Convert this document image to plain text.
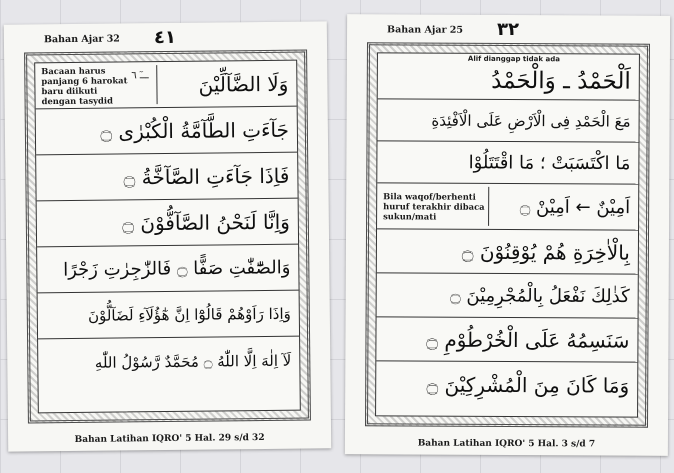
Bahan Ajar 32 ٤١
ـــٓ ٦
Bacaan harus panjang 6 harokat baru diikuti dengan tasydid
وَلَا الضَّآلِّيْنَ
جَآءَتِ الطَّآمَّةُ الْكُبْرٰى ۝
فَاِذَا جَآءَتِ الصَّآخَّةُ ۝
وَاِنَّا لَنَحْنُ الصَّآفُّوْنَ ۝
وَالصّٰٓفّٰتِ صَفًّا ۝ فَالزّٰجِرٰتِ زَجْرًا
وَاِذَا رَاَوْهُمْ قَالُوْٓا اِنَّ هٰٓؤُلَآءِ لَضَآلُّوْنَ
لَآ اِلٰهَ اِلَّا اللّٰهُ ۝ مُحَمَّدٌ رَّسُوْلُ اللّٰهِ
Bahan Latihan IQRO' 5 Hal. 29 s/d 32
Bahan Ajar 25 ٣٢
Alif dianggap tidak ada
اَلْحَمْدُ ـ وَالْحَمْدُ
مَعَ الْحَمْدِ فِى الْاَرْضِ عَلَى الْاَفْئِدَةِ
مَا اكْتَسَبَتْ ؛ مَا اقْتَتَلُوْا
Bila waqof/berhenti huruf terakhir dibaca sukun/mati	اَمِيْنٌ ← اَمِيْنْ ۝
بِالْاٰخِرَةِ هُمْ يُوْقِنُوْنَ ۝
كَذٰلِكَ نَفْعَلُ بِالْمُجْرِمِيْنَ ۝
سَنَسِمُهُ عَلَى الْخُرْطُوْمِ ۝
وَمَا كَانَ مِنَ الْمُشْرِكِيْنَ ۝
Bahan Latihan IQRO' 5 Hal. 3 s/d 7
